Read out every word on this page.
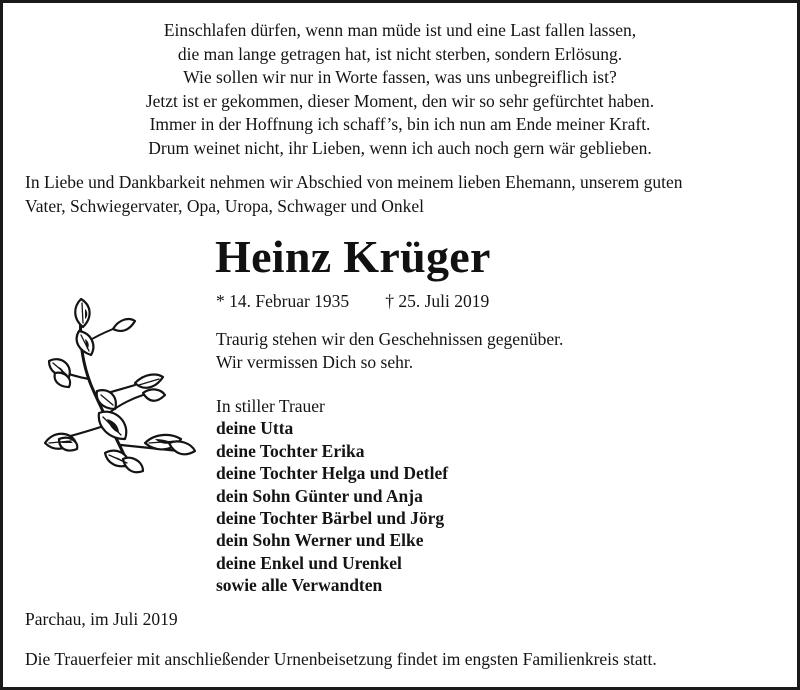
Einschlafen dürfen, wenn man müde ist und eine Last fallen lassen,
die man lange getragen hat, ist nicht sterben, sondern Erlösung.
Wie sollen wir nur in Worte fassen, was uns unbegreiflich ist?
Jetzt ist er gekommen, dieser Moment, den wir so sehr gefürchtet haben.
Immer in der Hoffnung ich schaff’s, bin ich nun am Ende meiner Kraft.
Drum weinet nicht, ihr Lieben, wenn ich auch noch gern wär geblieben.
In Liebe und Dankbarkeit nehmen wir Abschied von meinem lieben Ehemann, unserem guten
Vater, Schwiegervater, Opa, Uropa, Schwager und Onkel
Heinz Krüger
* 14. Februar 1935 † 25. Juli 2019
Traurig stehen wir den Geschehnissen gegenüber.
Wir vermissen Dich so sehr.
In stiller Trauer
deine Utta
deine Tochter Erika
deine Tochter Helga und Detlef
dein Sohn Günter und Anja
deine Tochter Bärbel und Jörg
dein Sohn Werner und Elke
deine Enkel und Urenkel
sowie alle Verwandten
Parchau, im Juli 2019
Die Trauerfeier mit anschließender Urnenbeisetzung findet im engsten Familienkreis statt.
